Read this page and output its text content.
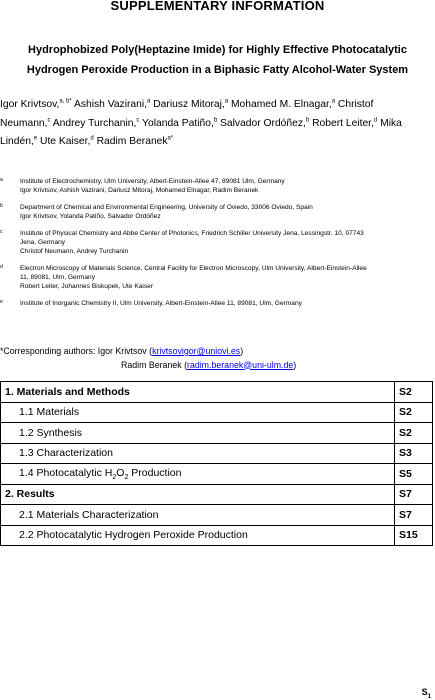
SUPPLEMENTARY INFORMATION
Hydrophobized Poly(Heptazine Imide) for Highly Effective Photocatalytic
Hydrogen Peroxide Production in a Biphasic Fatty Alcohol-Water System
Igor Krivtsov,$^{a, b*}$ Ashish Vazirani,$^a$ Dariusz Mitoraj,$^a$ Mohamed M. Elnagar,$^a$ Christof
Neumann,$^c$ Andrey Turchanin,$^c$ Yolanda Patiño,$^b$ Salvador Ordóñez,$^b$ Robert Leiter,$^d$ Mika
Lindén,$^e$ Ute Kaiser,$^d$ Radim Beranek$^{a*}$
a	Institute of Electrochemistry, Ulm University, Albert-Einstein-Allee 47, 89081 Ulm, Germany
Igor Krivtsov, Ashish Vazirani, Dariusz Mitoraj, Mohamed Elnagar, Radim Beranek
b	Department of Chemical and Environmental Engineering, University of Oviedo, 33006 Oviedo, Spain
Igor Krivtsov, Yolanda Patiño, Salvador Ordóñez
c	Institute of Physical Chemistry and Abbe Center of Photonics, Friedrich Schiller University Jena, Lessingstr. 10, 07743
Jena, Germany
Christof Neumann, Andrey Turchanin
d	Electron Microscopy of Materials Science, Central Facility for Electron Microscopy, Ulm University, Albert-Einstein-Allee
11, 89081, Ulm, Germany
Robert Leiter, Johannes Biskupek, Ute Kaiser
e	Institute of Inorganic Chemistry II, Ulm University, Albert-Einstein-Allee 11, 89081, Ulm, Germany
*Corresponding authors: Igor Krivtsov (krivtsovigor@uniovi.es)
Radim Beranek (radim.beranek@uni-ulm.de)
1. Materials and Methods	S2
1.1 Materials	S2
1.2 Synthesis	S2
1.3 Characterization	S3
1.4 Photocatalytic $H_2O_2$ Production	S5
2. Results	S7
2.1 Materials Characterization	S7
2.2 Photocatalytic Hydrogen Peroxide Production	S15
$S_1$
